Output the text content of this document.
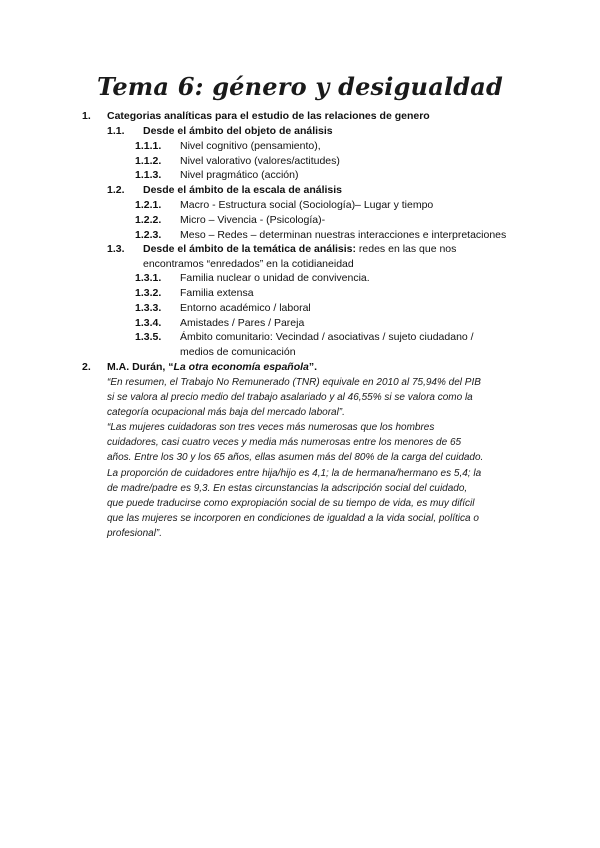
Tema 6: género y desigualdad
1. Categorias analíticas para el estudio de las relaciones de genero
1.1. Desde el ámbito del objeto de análisis
1.1.1. Nivel cognitivo (pensamiento),
1.1.2. Nivel valorativo (valores/actitudes)
1.1.3. Nivel pragmático (acción)
1.2. Desde el ámbito de la escala de análisis
1.2.1. Macro - Estructura social (Sociología)– Lugar y tiempo
1.2.2. Micro – Vivencia - (Psicología)-
1.2.3. Meso – Redes – determinan nuestras interacciones e interpretaciones
1.3. Desde el ámbito de la temática de análisis: redes en las que nos
encontramos “enredados” en la cotidianeidad
1.3.1. Familia nuclear o unidad de convivencia.
1.3.2. Familia extensa
1.3.3. Entorno académico / laboral
1.3.4. Amistades / Pares / Pareja
1.3.5. Ámbito comunitario: Vecindad / asociativas / sujeto ciudadano /
medios de comunicación
2. M.A. Durán, “La otra economía española”.
“En resumen, el Trabajo No Remunerado (TNR) equivale en 2010 al 75,94% del PIB
si se valora al precio medio del trabajo asalariado y al 46,55% si se valora como la
categoría ocupacional más baja del mercado laboral”.
“Las mujeres cuidadoras son tres veces más numerosas que los hombres
cuidadores, casi cuatro veces y media más numerosas entre los menores de 65
años. Entre los 30 y los 65 años, ellas asumen más del 80% de la carga del cuidado.
La proporción de cuidadores entre hija/hijo es 4,1; la de hermana/hermano es 5,4; la
de madre/padre es 9,3. En estas circunstancias la adscripción social del cuidado,
que puede traducirse como expropiación social de su tiempo de vida, es muy difícil
que las mujeres se incorporen en condiciones de igualdad a la vida social, política o
profesional”.
